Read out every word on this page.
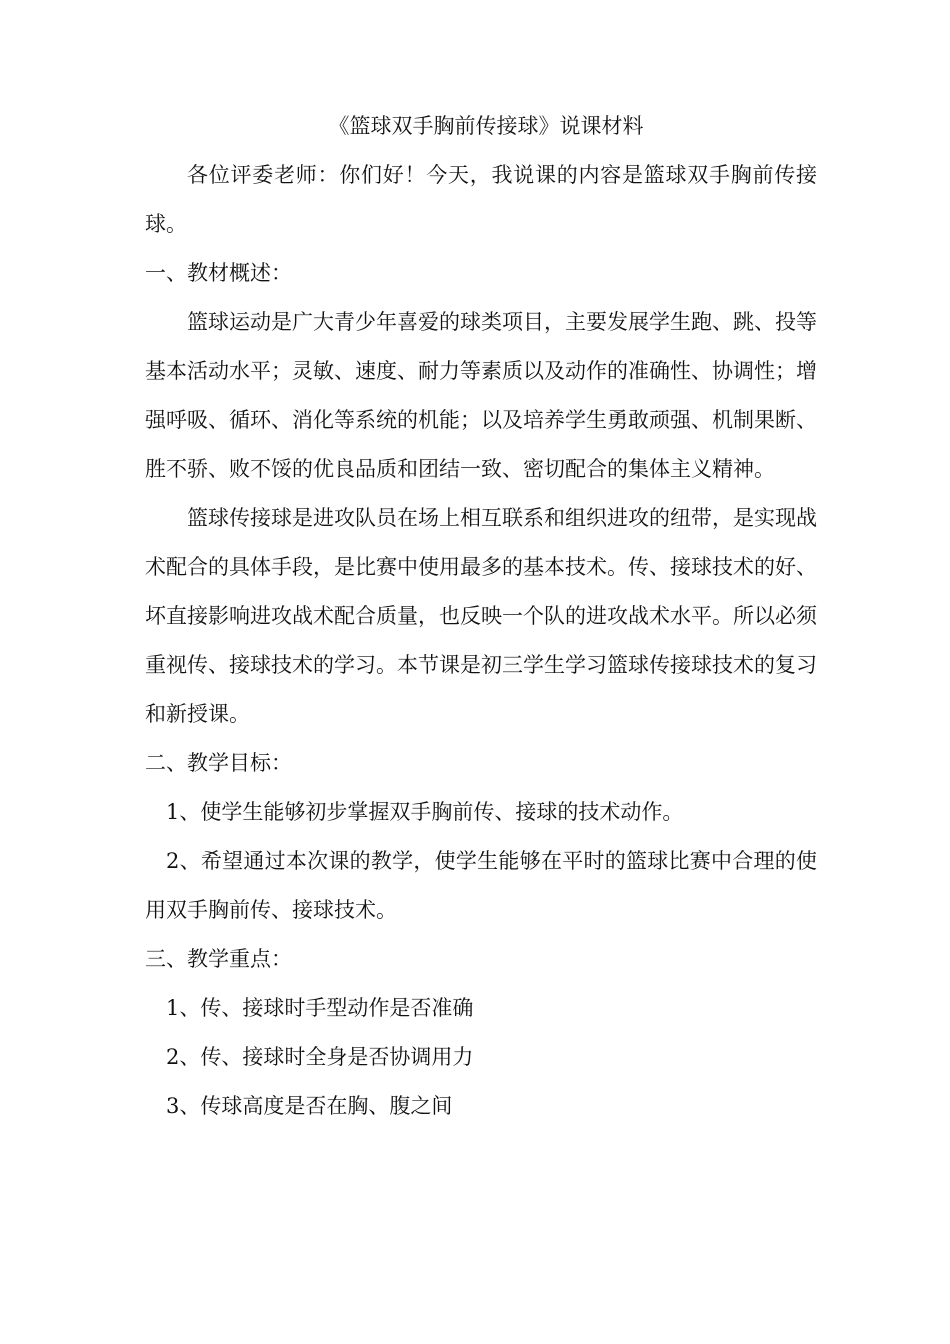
《篮球双手胸前传接球》说课材料

各位评委老师：你们好！今天，我说课的内容是篮球双手胸前传接球。

一、教材概述：

篮球运动是广大青少年喜爱的球类项目，主要发展学生跑、跳、投等基本活动水平；灵敏、速度、耐力等素质以及动作的准确性、协调性；增强呼吸、循环、消化等系统的机能；以及培养学生勇敢顽强、机制果断、胜不骄、败不馁的优良品质和团结一致、密切配合的集体主义精神。

篮球传接球是进攻队员在场上相互联系和组织进攻的纽带，是实现战术配合的具体手段，是比赛中使用最多的基本技术。传、接球技术的好、坏直接影响进攻战术配合质量，也反映一个队的进攻战术水平。所以必须重视传、接球技术的学习。本节课是初三学生学习篮球传接球技术的复习和新授课。

二、教学目标：

1、使学生能够初步掌握双手胸前传、接球的技术动作。

2、希望通过本次课的教学，使学生能够在平时的篮球比赛中合理的使用双手胸前传、接球技术。

三、教学重点：

1、传、接球时手型动作是否准确

2、传、接球时全身是否协调用力

3、传球高度是否在胸、腹之间
